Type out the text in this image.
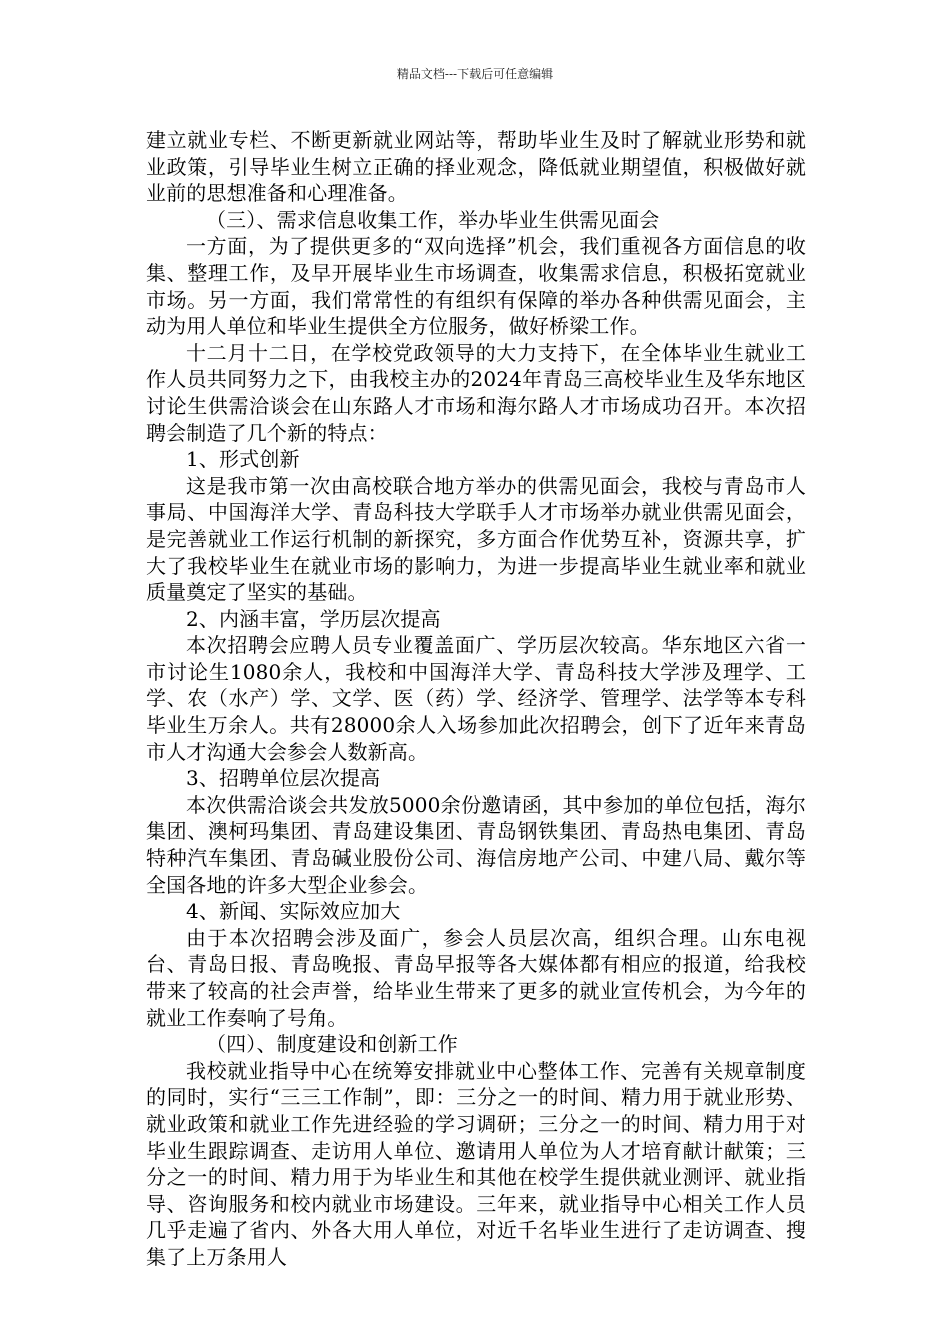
精品文档---下载后可任意编辑

建立就业专栏、不断更新就业网站等，帮助毕业生及时了解就业形势和就业政策，引导毕业生树立正确的择业观念，降低就业期望值，积极做好就业前的思想准备和心理准备。

（三）、需求信息收集工作，举办毕业生供需见面会

一方面，为了提供更多的“双向选择”机会，我们重视各方面信息的收集、整理工作，及早开展毕业生市场调查，收集需求信息，积极拓宽就业市场。另一方面，我们常常性的有组织有保障的举办各种供需见面会，主动为用人单位和毕业生提供全方位服务，做好桥梁工作。

十二月十二日，在学校党政领导的大力支持下，在全体毕业生就业工作人员共同努力之下，由我校主办的2024年青岛三高校毕业生及华东地区讨论生供需洽谈会在山东路人才市场和海尔路人才市场成功召开。本次招聘会制造了几个新的特点：

1、形式创新

这是我市第一次由高校联合地方举办的供需见面会，我校与青岛市人事局、中国海洋大学、青岛科技大学联手人才市场举办就业供需见面会，是完善就业工作运行机制的新探究，多方面合作优势互补，资源共享，扩大了我校毕业生在就业市场的影响力，为进一步提高毕业生就业率和就业质量奠定了坚实的基础。

2、内涵丰富，学历层次提高

本次招聘会应聘人员专业覆盖面广、学历层次较高。华东地区六省一市讨论生1080余人，我校和中国海洋大学、青岛科技大学涉及理学、工学、农（水产）学、文学、医（药）学、经济学、管理学、法学等本专科毕业生万余人。共有28000余人入场参加此次招聘会，创下了近年来青岛市人才沟通大会参会人数新高。

3、招聘单位层次提高

本次供需洽谈会共发放5000余份邀请函，其中参加的单位包括，海尔集团、澳柯玛集团、青岛建设集团、青岛钢铁集团、青岛热电集团、青岛特种汽车集团、青岛碱业股份公司、海信房地产公司、中建八局、戴尔等全国各地的许多大型企业参会。

4、新闻、实际效应加大

由于本次招聘会涉及面广，参会人员层次高，组织合理。山东电视台、青岛日报、青岛晚报、青岛早报等各大媒体都有相应的报道，给我校带来了较高的社会声誉，给毕业生带来了更多的就业宣传机会，为今年的就业工作奏响了号角。

（四）、制度建设和创新工作

我校就业指导中心在统筹安排就业中心整体工作、完善有关规章制度的同时，实行“三三工作制”，即：三分之一的时间、精力用于就业形势、就业政策和就业工作先进经验的学习调研；三分之一的时间、精力用于对毕业生跟踪调查、走访用人单位、邀请用人单位为人才培育献计献策；三分之一的时间、精力用于为毕业生和其他在校学生提供就业测评、就业指导、咨询服务和校内就业市场建设。三年来，就业指导中心相关工作人员几乎走遍了省内、外各大用人单位，对近千名毕业生进行了走访调查、搜集了上万条用人
